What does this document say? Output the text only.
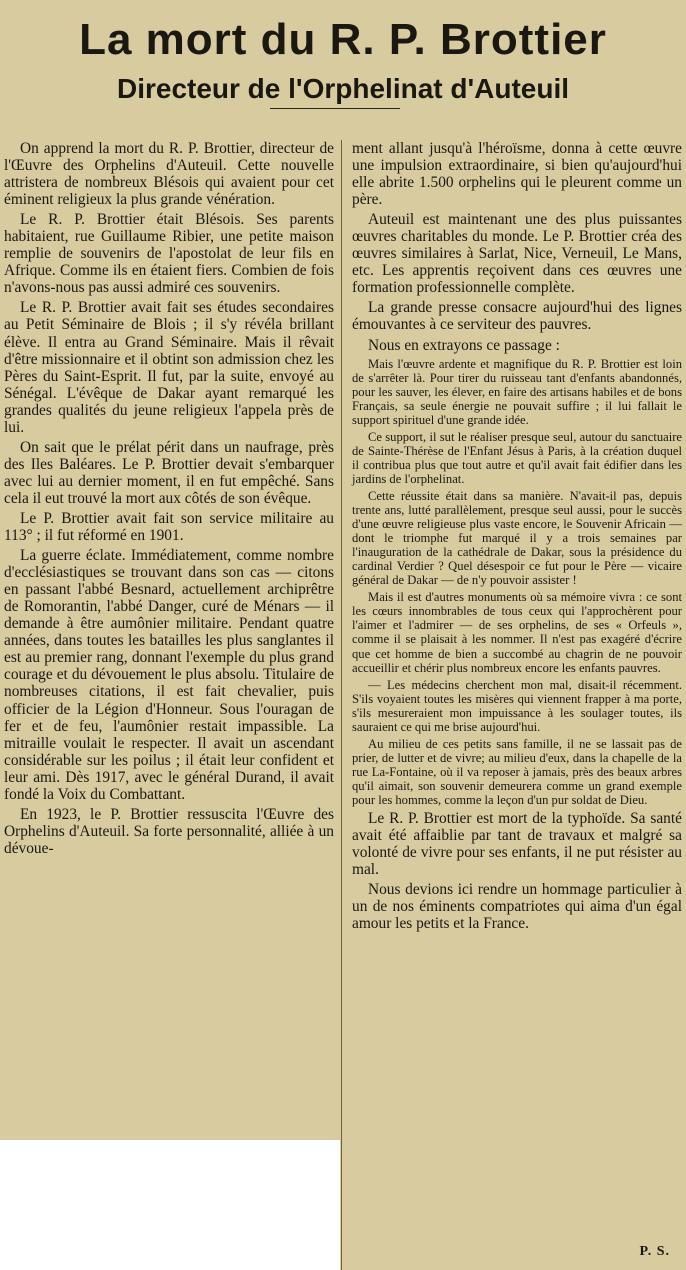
La mort du R. P. Brottier
Directeur de l'Orphelinat d'Auteuil

On apprend la mort du R. P. Brottier, directeur de l'Œuvre des Orphelins d'Auteuil. Cette nouvelle attristera de nombreux Blésois qui avaient pour cet éminent religieux la plus grande vénération.

Le R. P. Brottier était Blésois. Ses parents habitaient, rue Guillaume Ribier, une petite maison remplie de souvenirs de l'apostolat de leur fils en Afrique. Comme ils en étaient fiers. Combien de fois n'avons-nous pas aussi admiré ces souvenirs.

Le R. P. Brottier avait fait ses études secondaires au Petit Séminaire de Blois ; il s'y révéla brillant élève. Il entra au Grand Séminaire. Mais il rêvait d'être missionnaire et il obtint son admission chez les Pères du Saint-Esprit. Il fut, par la suite, envoyé au Sénégal. L'évêque de Dakar ayant remarqué les grandes qualités du jeune religieux l'appela près de lui.

On sait que le prélat périt dans un naufrage, près des Iles Baléares. Le P. Brottier devait s'embarquer avec lui au dernier moment, il en fut empêché. Sans cela il eut trouvé la mort aux côtés de son évêque.

Le P. Brottier avait fait son service militaire au 113° ; il fut réformé en 1901.

La guerre éclate. Immédiatement, comme nombre d'ecclésiastiques se trouvant dans son cas — citons en passant l'abbé Besnard, actuellement archiprêtre de Romorantin, l'abbé Danger, curé de Ménars — il demande à être aumônier militaire. Pendant quatre années, dans toutes les batailles les plus sanglantes il est au premier rang, donnant l'exemple du plus grand courage et du dévouement le plus absolu. Titulaire de nombreuses citations, il est fait chevalier, puis officier de la Légion d'Honneur. Sous l'ouragan de fer et de feu, l'aumônier restait impassible. La mitraille voulait le respecter. Il avait un ascendant considérable sur les poilus ; il était leur confident et leur ami. Dès 1917, avec le général Durand, il avait fondé la Voix du Combattant.

En 1923, le P. Brottier ressuscita l'Œuvre des Orphelins d'Auteuil. Sa forte personnalité, alliée à un dévoue-

ment allant jusqu'à l'héroïsme, donna à cette œuvre une impulsion extraordinaire, si bien qu'aujourd'hui elle abrite 1.500 orphelins qui le pleurent comme un père.

Auteuil est maintenant une des plus puissantes œuvres charitables du monde. Le P. Brottier créa des œuvres similaires à Sarlat, Nice, Verneuil, Le Mans, etc. Les apprentis reçoivent dans ces œuvres une formation professionnelle complète.

La grande presse consacre aujourd'hui des lignes émouvantes à ce serviteur des pauvres.

Nous en extrayons ce passage :

Mais l'œuvre ardente et magnifique du R. P. Brottier est loin de s'arrêter là. Pour tirer du ruisseau tant d'enfants abandonnés, pour les sauver, les élever, en faire des artisans habiles et de bons Français, sa seule énergie ne pouvait suffire ; il lui fallait le support spirituel d'une grande idée.

Ce support, il sut le réaliser presque seul, autour du sanctuaire de Sainte-Thérèse de l'Enfant Jésus à Paris, à la création duquel il contribua plus que tout autre et qu'il avait fait édifier dans les jardins de l'orphelinat.

Cette réussite était dans sa manière. N'avait-il pas, depuis trente ans, lutté parallèlement, presque seul aussi, pour le succès d'une œuvre religieuse plus vaste encore, le Souvenir Africain — dont le triomphe fut marqué il y a trois semaines par l'inauguration de la cathédrale de Dakar, sous la présidence du cardinal Verdier ? Quel désespoir ce fut pour le Père — vicaire général de Dakar — de n'y pouvoir assister !

Mais il est d'autres monuments où sa mémoire vivra : ce sont les cœurs innombrables de tous ceux qui l'approchèrent pour l'aimer et l'admirer — de ses orphelins, de ses « Orfeuls », comme il se plaisait à les nommer. Il n'est pas exagéré d'écrire que cet homme de bien a succombé au chagrin de ne pouvoir accueillir et chérir plus nombreux encore les enfants pauvres.

— Les médecins cherchent mon mal, disait-il récemment. S'ils voyaient toutes les misères qui viennent frapper à ma porte, s'ils mesureraient mon impuissance à les soulager toutes, ils sauraient ce qui me brise aujourd'hui.

Au milieu de ces petits sans famille, il ne se lassait pas de prier, de lutter et de vivre; au milieu d'eux, dans la chapelle de la rue La-Fontaine, où il va reposer à jamais, près des beaux arbres qu'il aimait, son souvenir demeurera comme un grand exemple pour les hommes, comme la leçon d'un pur soldat de Dieu.

Le R. P. Brottier est mort de la typhoïde. Sa santé avait été affaiblie par tant de travaux et malgré sa volonté de vivre pour ses enfants, il ne put résister au mal.

Nous devions ici rendre un hommage particulier à un de nos éminents compatriotes qui aima d'un égal amour les petits et la France.

P. S.
